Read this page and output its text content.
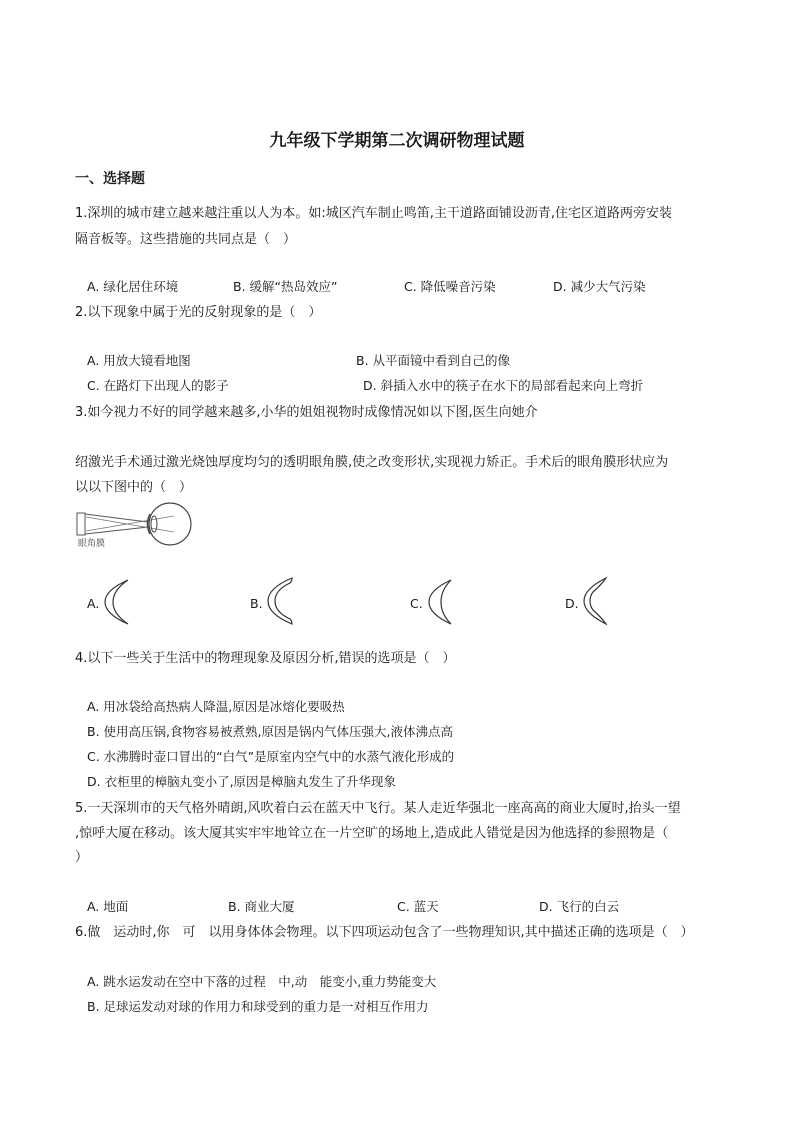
九年级下学期第二次调研物理试题
一、选择题
1.深圳的城市建立越来越注重以人为本。如:城区汽车制止鸣笛,主干道路面铺设沥青,住宅区道路两旁安装
隔音板等。这些措施的共同点是（　）
A. 绿化居住环境	B. 缓解“热岛效应”	C. 降低噪音污染	D. 减少大气污染
2.以下现象中属于光的反射现象的是（　）
A. 用放大镜看地图	B. 从平面镜中看到自己的像
C. 在路灯下出现人的影子	D. 斜插入水中的筷子在水下的局部看起来向上弯折
3.如今视力不好的同学越来越多,小华的姐姐视物时成像情况如以下图,医生向她介
绍激光手术通过激光烧蚀厚度均匀的透明眼角膜,使之改变形状,实现视力矫正。手术后的眼角膜形状应为
以以下图中的（　）
眼角膜
A.	B.	C.	D.
4.以下一些关于生活中的物理现象及原因分析,错误的选项是（　）
A. 用冰袋给高热病人降温,原因是冰熔化要吸热
B. 使用高压锅,食物容易被煮熟,原因是锅内气体压强大,液体沸点高
C. 水沸腾时壶口冒出的“白气”是原室内空气中的水蒸气液化形成的
D. 衣柜里的樟脑丸变小了,原因是樟脑丸发生了升华现象
5.一天深圳市的天气格外晴朗,风吹着白云在蓝天中飞行。某人走近华强北一座高高的商业大厦时,抬头一望
,惊呼大厦在移动。该大厦其实牢牢地耸立在一片空旷的场地上,造成此人错觉是因为他选择的参照物是（
）
A. 地面	B. 商业大厦	C. 蓝天	D. 飞行的白云
6.做　运动时,你　可　以用身体体会物理。以下四项运动包含了一些物理知识,其中描述正确的选项是（　）
A. 跳水运发动在空中下落的过程　中,动　能变小,重力势能变大
B. 足球运发动对球的作用力和球受到的重力是一对相互作用力
